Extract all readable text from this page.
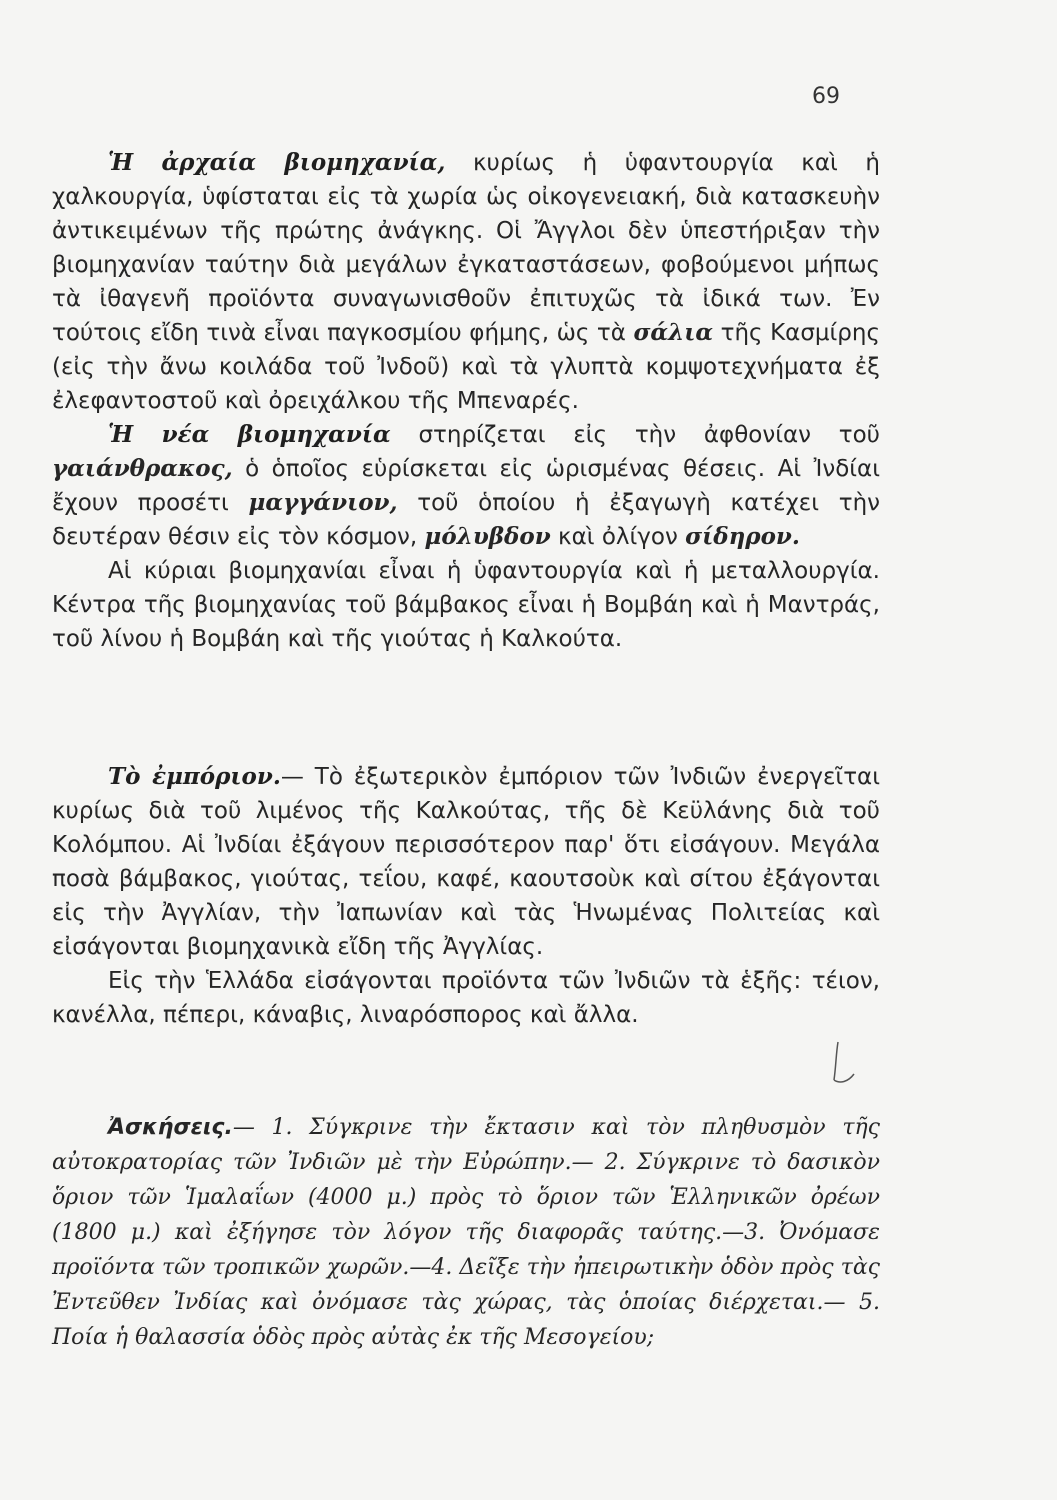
69

Ἡ ἀρχαία βιομηχανία, κυρίως ἡ ὑφαντουργία καὶ ἡ χαλκουργία, ὑφίσταται εἰς τὰ χωρία ὡς οἰκογενειακή, διὰ κατασκευὴν ἀντικειμένων τῆς πρώτης ἀνάγκης. Οἱ Ἄγγλοι δὲν ὑπεστήριξαν τὴν βιομηχανίαν ταύτην διὰ μεγάλων ἐγκαταστάσεων, φοβούμενοι μήπως τὰ ἰθαγενῆ προϊόντα συναγωνισθοῦν ἐπιτυχῶς τὰ ἰδικά των. Ἐν τούτοις εἴδη τινὰ εἶναι παγκοσμίου φήμης, ὡς τὰ σάλια τῆς Κασμίρης (εἰς τὴν ἄνω κοιλάδα τοῦ Ἰνδοῦ) καὶ τὰ γλυπτὰ κομψοτεχνήματα ἐξ ἐλεφαντοστοῦ καὶ ὀρειχάλκου τῆς Μπεναρές.

Ἡ νέα βιομηχανία στηρίζεται εἰς τὴν ἀφθονίαν τοῦ γαιάνθρακος, ὁ ὁποῖος εὑρίσκεται εἰς ὡρισμένας θέσεις. Αἱ Ἰνδίαι ἔχουν προσέτι μαγγάνιον, τοῦ ὁποίου ἡ ἐξαγωγὴ κατέχει τὴν δευτέραν θέσιν εἰς τὸν κόσμον, μόλυβδον καὶ ὀλίγον σίδηρον.

Αἱ κύριαι βιομηχανίαι εἶναι ἡ ὑφαντουργία καὶ ἡ μεταλλουργία. Κέντρα τῆς βιομηχανίας τοῦ βάμβακος εἶναι ἡ Βομβάη καὶ ἡ Μαντράς, τοῦ λίνου ἡ Βομβάη καὶ τῆς γιούτας ἡ Καλκούτα.

Τὸ ἐμπόριον.— Τὸ ἐξωτερικὸν ἐμπόριον τῶν Ἰνδιῶν ἐνεργεῖται κυρίως διὰ τοῦ λιμένος τῆς Καλκούτας, τῆς δὲ Κεϋλάνης διὰ τοῦ Κολόμπου. Αἱ Ἰνδίαι ἐξάγουν περισσότερον παρ' ὅτι εἰσάγουν. Μεγάλα ποσὰ βάμβακος, γιούτας, τεΐου, καφέ, καουτσοὺκ καὶ σίτου ἐξάγονται εἰς τὴν Ἀγγλίαν, τὴν Ἰαπωνίαν καὶ τὰς Ἡνωμένας Πολιτείας καὶ εἰσάγονται βιομηχανικὰ εἴδη τῆς Ἀγγλίας.

Εἰς τὴν Ἑλλάδα εἰσάγονται προϊόντα τῶν Ἰνδιῶν τὰ ἑξῆς: τέιον, κανέλλα, πέπερι, κάναβις, λιναρόσπορος καὶ ἄλλα.

Ἀσκήσεις.— 1. Σύγκρινε τὴν ἔκτασιν καὶ τὸν πληθυσμὸν τῆς αὐτοκρατορίας τῶν Ἰνδιῶν μὲ τὴν Εὐρώπην.— 2. Σύγκρινε τὸ δασικὸν ὅριον τῶν Ἱμαλαΐων (4000 μ.) πρὸς τὸ ὅριον τῶν Ἑλληνικῶν ὀρέων (1800 μ.) καὶ ἐξήγησε τὸν λόγον τῆς διαφορᾶς ταύτης.—3. Ὀνόμασε προϊόντα τῶν τροπικῶν χωρῶν.—4. Δεῖξε τὴν ἠπειρωτικὴν ὁδὸν πρὸς τὰς Ἐντεῦθεν Ἰνδίας καὶ ὀνόμασε τὰς χώρας, τὰς ὁποίας διέρχεται.— 5. Ποία ἡ θαλασσία ὁδὸς πρὸς αὐτὰς ἐκ τῆς Μεσογείου;
